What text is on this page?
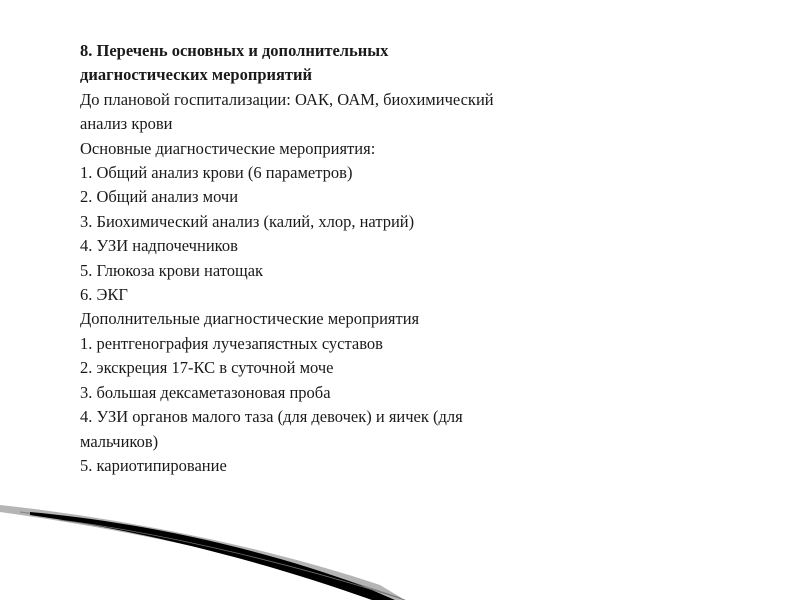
8. Перечень основных и дополнительных
диагностических мероприятий
До плановой госпитализации: ОАК, ОАМ, биохимический
анализ крови
Основные диагностические мероприятия:
1. Общий анализ крови (6 параметров)
2. Общий анализ мочи
3. Биохимический анализ (калий, хлор, натрий)
4. УЗИ надпочечников
5. Глюкоза крови натощак
6. ЭКГ
Дополнительные диагностические мероприятия
1. рентгенография лучезапястных суставов
2. экскреция 17-КС в суточной моче
3. большая дексаметазоновая проба
4. УЗИ органов малого таза (для девочек) и яичек (для
мальчиков)
5. кариотипирование
